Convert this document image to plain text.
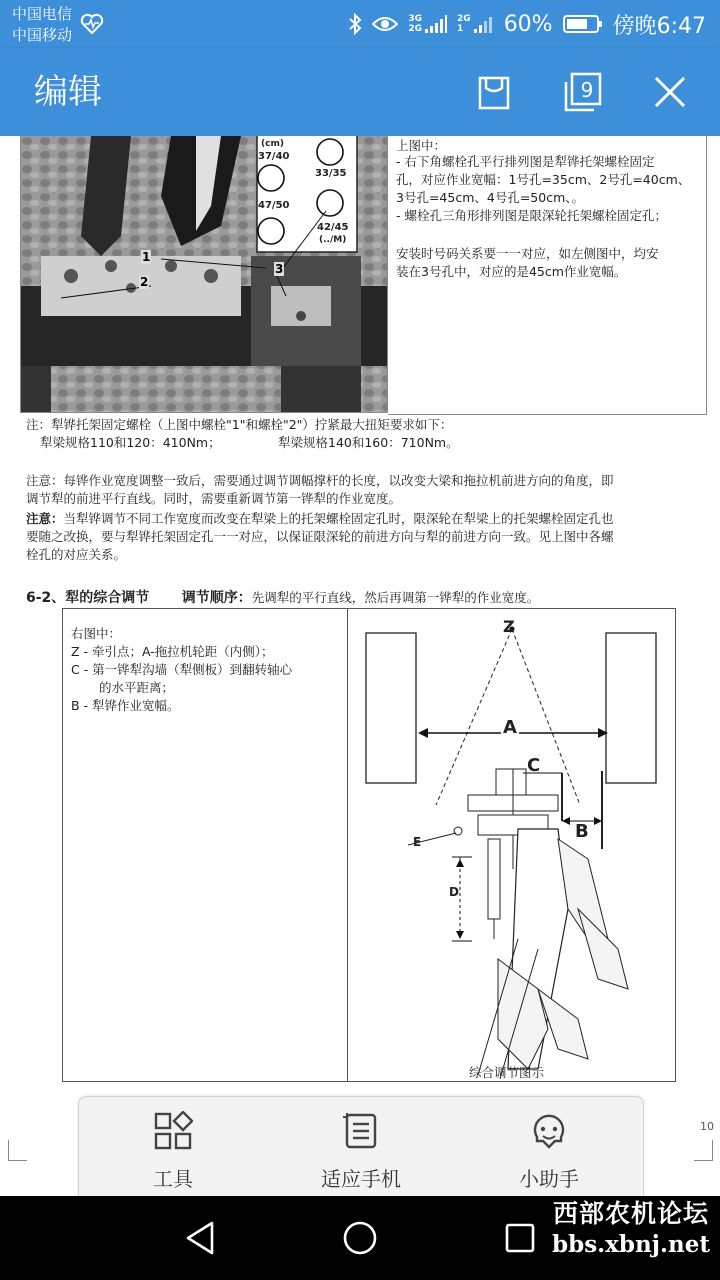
中国电信
中国移动
3G
2G
2G
1	60%	傍晚6:47
编辑	9
(cm)
37/40
33/35
47/50
42/45
(../M)
1
2
3
上图中：
- 右下角螺栓孔平行排列图是犁铧托架螺栓固定
孔，对应作业宽幅：1号孔=35cm、2号孔=40cm、
3号孔=45cm、4号孔=50cm、。
- 螺栓孔三角形排列图是限深轮托架螺栓固定孔；
安装时号码关系要一一对应，如左侧图中，均安
装在3号孔中，对应的是45cm作业宽幅。
注：犁铧托架固定螺栓（上图中螺栓"1"和螺栓"2"）拧紧最大扭矩要求如下：
犁梁规格110和120：410Nm；	犁梁规格140和160：710Nm。
注意：每铧作业宽度调整一致后，需要通过调节调幅撑杆的长度，以改变大梁和拖拉机前进方向的角度，即
调节犁的前进平行直线。同时，需要重新调节第一铧犁的作业宽度。
注意：当犁铧调节不同工作宽度而改变在犁梁上的托架螺栓固定孔时，限深轮在犁梁上的托架螺栓固定孔也
要随之改换，要与犁铧托架固定孔一一对应，以保证限深轮的前进方向与犁的前进方向一致。见上图中各螺
栓孔的对应关系。
6-2、犁的综合调节 调节顺序：先调犁的平行直线，然后再调第一铧犁的作业宽度。
右图中：
Z - 牵引点；A-拖拉机轮距（内侧）；
C - 第一铧犁沟墙（犁侧板）到翻转轴心
的水平距离；
B - 犁铧作业宽幅。
Z
A
C
B
E
D
综合调节图示
10
工具	适应手机	小助手
西部农机论坛
bbs.xbnj.net
